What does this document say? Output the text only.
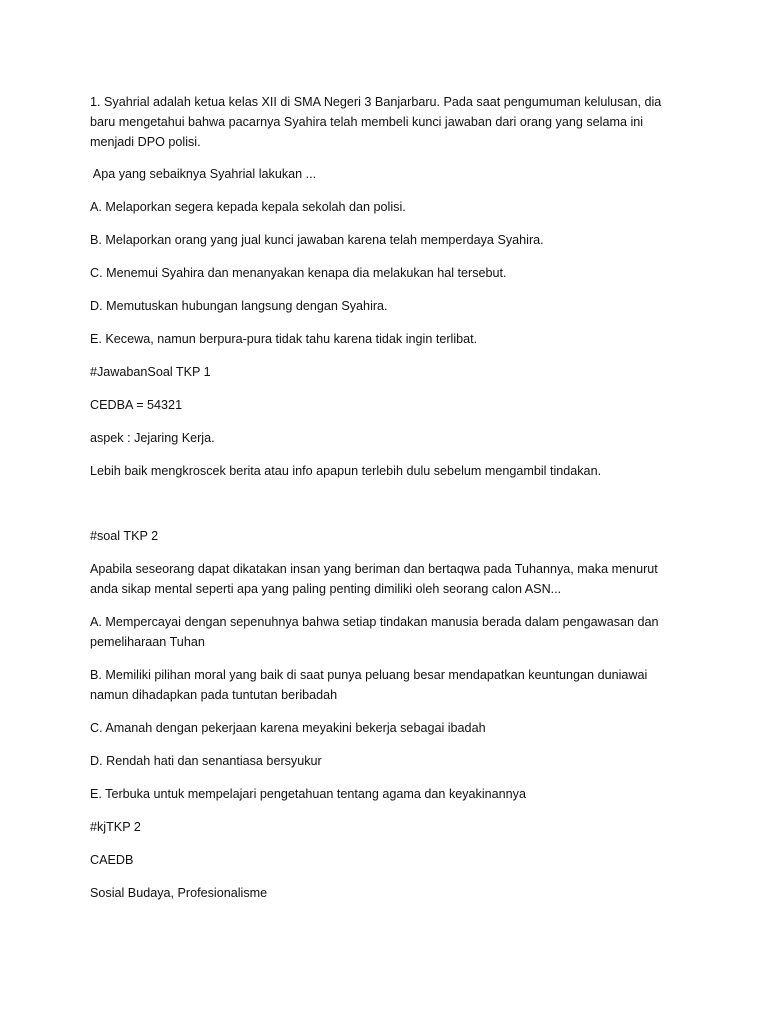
1. Syahrial adalah ketua kelas XII di SMA Negeri 3 Banjarbaru. Pada saat pengumuman kelulusan, dia baru mengetahui bahwa pacarnya Syahira telah membeli kunci jawaban dari orang yang selama ini menjadi DPO polisi.

Apa yang sebaiknya Syahrial lakukan ...

A. Melaporkan segera kepada kepala sekolah dan polisi.

B. Melaporkan orang yang jual kunci jawaban karena telah memperdaya Syahira.

C. Menemui Syahira dan menanyakan kenapa dia melakukan hal tersebut.

D. Memutuskan hubungan langsung dengan Syahira.

E. Kecewa, namun berpura-pura tidak tahu karena tidak ingin terlibat.

#JawabanSoal TKP 1

CEDBA = 54321

aspek : Jejaring Kerja.

Lebih baik mengkroscek berita atau info apapun terlebih dulu sebelum mengambil tindakan.

#soal TKP 2

Apabila seseorang dapat dikatakan insan yang beriman dan bertaqwa pada Tuhannya, maka menurut anda sikap mental seperti apa yang paling penting dimiliki oleh seorang calon ASN...

A. Mempercayai dengan sepenuhnya bahwa setiap tindakan manusia berada dalam pengawasan dan pemeliharaan Tuhan

B. Memiliki pilihan moral yang baik di saat punya peluang besar mendapatkan keuntungan duniawai namun dihadapkan pada tuntutan beribadah

C. Amanah dengan pekerjaan karena meyakini bekerja sebagai ibadah

D. Rendah hati dan senantiasa bersyukur

E. Terbuka untuk mempelajari pengetahuan tentang agama dan keyakinannya

#kjTKP 2

CAEDB

Sosial Budaya, Profesionalisme
